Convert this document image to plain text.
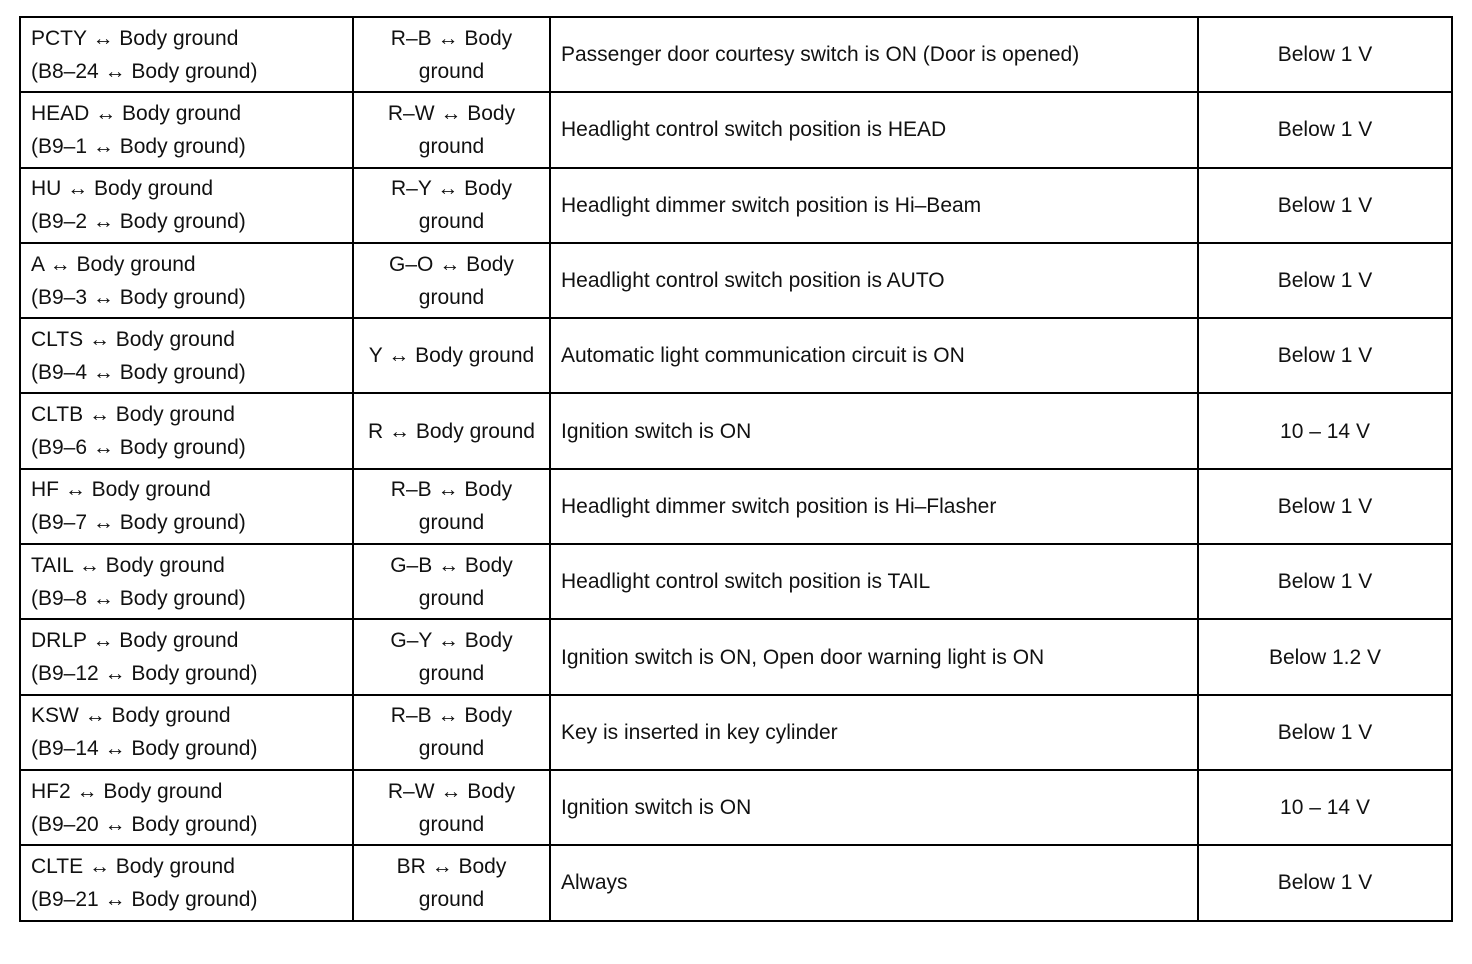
PCTY ↔ Body ground
(B8–24 ↔ Body ground)	R–B ↔ Body
ground	Passenger door courtesy switch is ON (Door is opened)	Below 1 V

HEAD ↔ Body ground
(B9–1 ↔ Body ground)	R–W ↔ Body
ground	Headlight control switch position is HEAD	Below 1 V

HU ↔ Body ground
(B9–2 ↔ Body ground)	R–Y ↔ Body
ground	Headlight dimmer switch position is Hi–Beam	Below 1 V

A ↔ Body ground
(B9–3 ↔ Body ground)	G–O ↔ Body
ground	Headlight control switch position is AUTO	Below 1 V

CLTS ↔ Body ground
(B9–4 ↔ Body ground)	Y ↔ Body ground	Automatic light communication circuit is ON	Below 1 V

CLTB ↔ Body ground
(B9–6 ↔ Body ground)	R ↔ Body ground	Ignition switch is ON	10 – 14 V

HF ↔ Body ground
(B9–7 ↔ Body ground)	R–B ↔ Body
ground	Headlight dimmer switch position is Hi–Flasher	Below 1 V

TAIL ↔ Body ground
(B9–8 ↔ Body ground)	G–B ↔ Body
ground	Headlight control switch position is TAIL	Below 1 V

DRLP ↔ Body ground
(B9–12 ↔ Body ground)	G–Y ↔ Body
ground	Ignition switch is ON, Open door warning light is ON	Below 1.2 V

KSW ↔ Body ground
(B9–14 ↔ Body ground)	R–B ↔ Body
ground	Key is inserted in key cylinder	Below 1 V

HF2 ↔ Body ground
(B9–20 ↔ Body ground)	R–W ↔ Body
ground	Ignition switch is ON	10 – 14 V

CLTE ↔ Body ground
(B9–21 ↔ Body ground)	BR ↔ Body
ground	Always	Below 1 V
